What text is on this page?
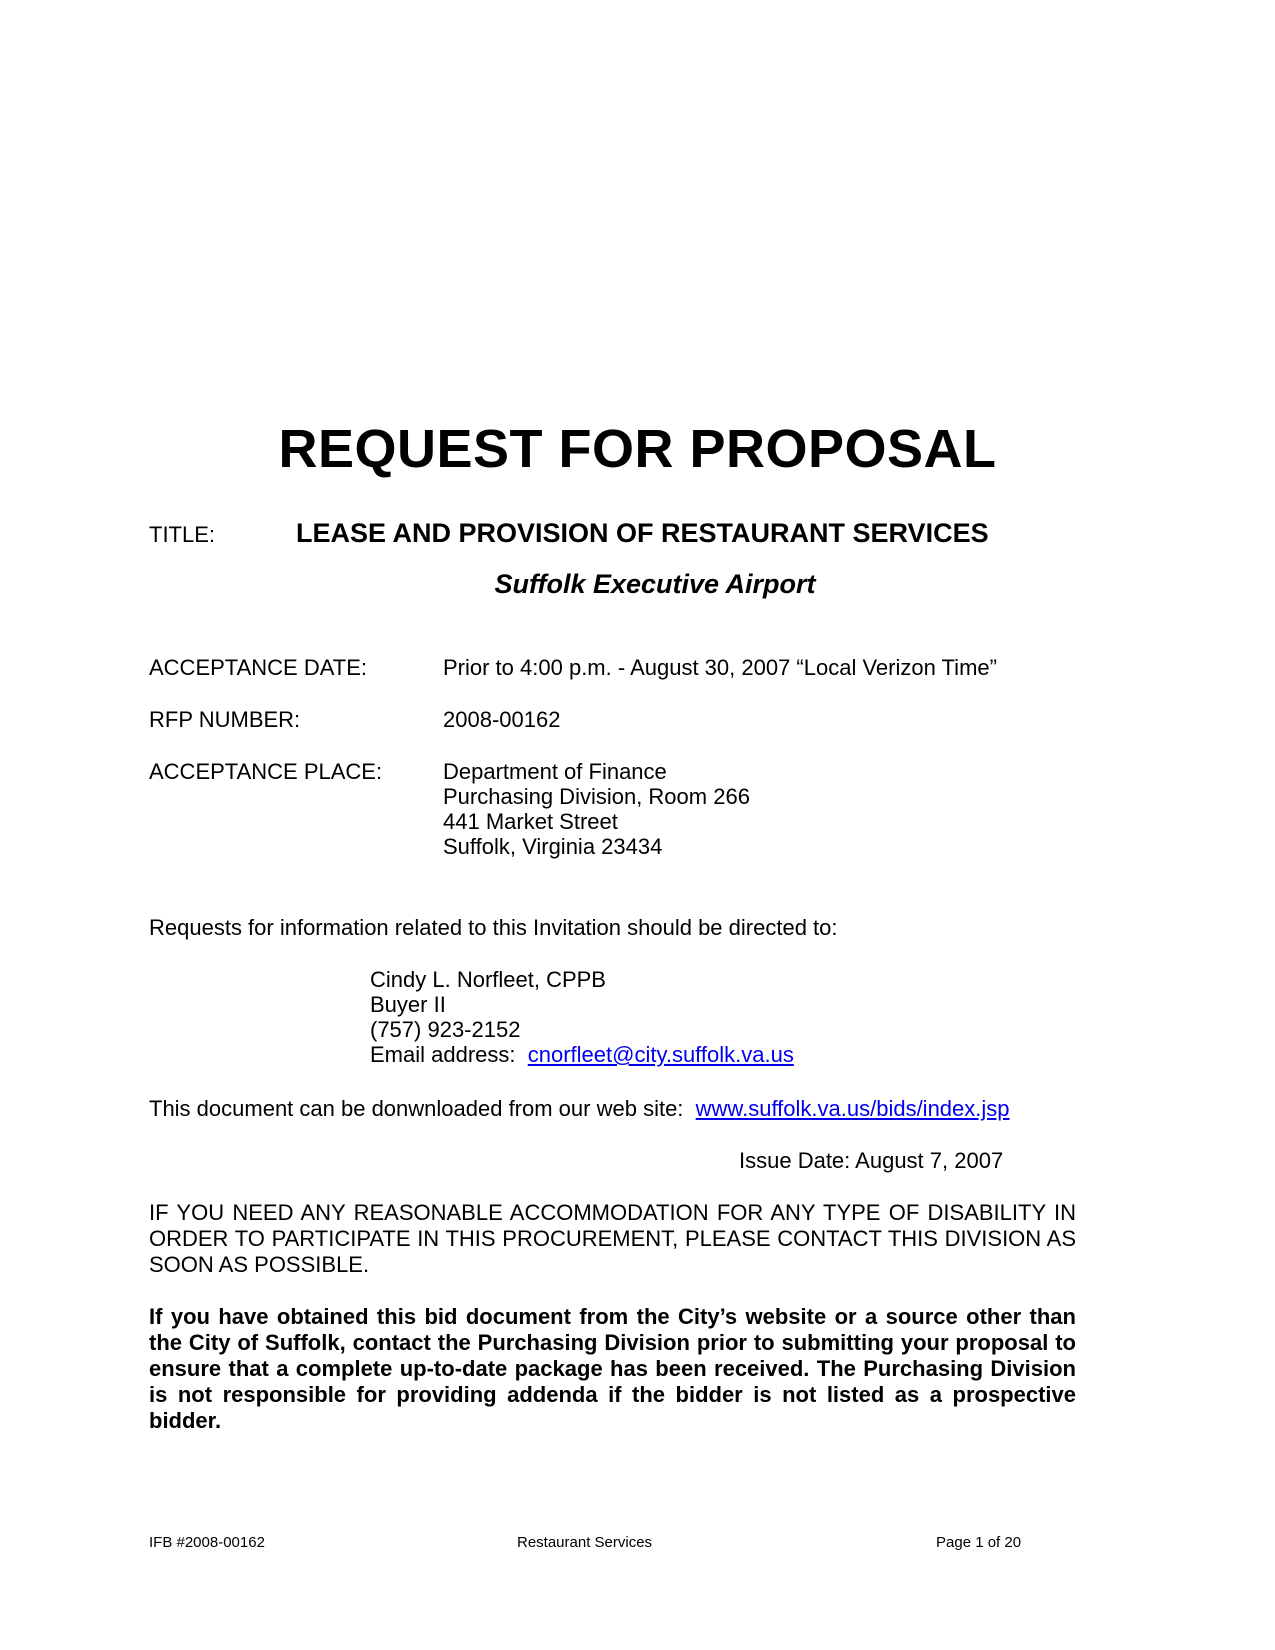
REQUEST FOR PROPOSAL
TITLE:	LEASE AND PROVISION OF RESTAURANT SERVICES
Suffolk Executive Airport
ACCEPTANCE DATE:	Prior to 4:00 p.m. - August 30, 2007 “Local Verizon Time”
RFP NUMBER:	2008-00162
ACCEPTANCE PLACE:	Department of Finance
Purchasing Division, Room 266
441 Market Street
Suffolk, Virginia 23434
Requests for information related to this Invitation should be directed to:
Cindy L. Norfleet, CPPB
Buyer II
(757) 923-2152
Email address: cnorfleet@city.suffolk.va.us
This document can be donwnloaded from our web site: www.suffolk.va.us/bids/index.jsp
Issue Date: August 7, 2007
IF YOU NEED ANY REASONABLE ACCOMMODATION FOR ANY TYPE OF DISABILITY IN ORDER TO PARTICIPATE IN THIS PROCUREMENT, PLEASE CONTACT THIS DIVISION AS SOON AS POSSIBLE.
If you have obtained this bid document from the City’s website or a source other than the City of Suffolk, contact the Purchasing Division prior to submitting your proposal to ensure that a complete up-to-date package has been received. The Purchasing Division is not responsible for providing addenda if the bidder is not listed as a prospective bidder.
IFB #2008-00162	Restaurant Services	Page 1 of 20
